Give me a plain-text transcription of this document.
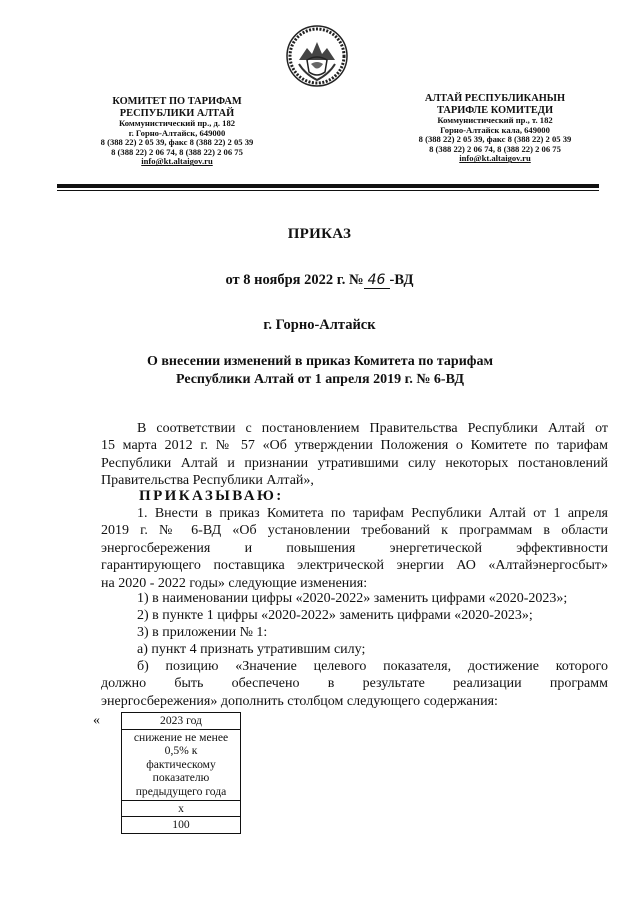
КОМИТЕТ ПО ТАРИФАМ
РЕСПУБЛИКИ АЛТАЙ
Коммунистический пр., д. 182
г. Горно-Алтайск, 649000
8 (388 22) 2 05 39, факс 8 (388 22) 2 05 39
8 (388 22) 2 06 74, 8 (388 22) 2 06 75
info@kt.altaigov.ru
АЛТАЙ РЕСПУБЛИКАНЫН
ТАРИФЛЕ КОМИТЕДИ
Коммунистический пр., т. 182
Горно-Алтайск кала, 649000
8 (388 22) 2 05 39, факс 8 (388 22) 2 05 39
8 (388 22) 2 06 74, 8 (388 22) 2 06 75
info@kt.altaigov.ru
ПРИКАЗ
от 8 ноября 2022 г. № 46 -ВД
г. Горно-Алтайск
О внесении изменений в приказ Комитета по тарифам
Республики Алтай от 1 апреля 2019 г. № 6-ВД
В соответствии с постановлением Правительства Республики Алтай от
15 марта 2012 г. № 57 «Об утверждении Положения о Комитете по тарифам
Республики Алтай и признании утратившими силу некоторых постановлений
Правительства Республики Алтай»,
ПРИКАЗЫВАЮ:
1. Внести в приказ Комитета по тарифам Республики Алтай от 1 апреля
2019 г. № 6-ВД «Об установлении требований к программам в области
энергосбережения и повышения энергетической эффективности
гарантирующего поставщика электрической энергии АО «Алтайэнергосбыт»
на 2020 - 2022 годы» следующие изменения:
1) в наименовании цифры «2020-2022» заменить цифрами «2020-2023»;
2) в пункте 1 цифры «2020-2022» заменить цифрами «2020-2023»;
3) в приложении № 1:
а) пункт 4 признать утратившим силу;
б) позицию «Значение целевого показателя, достижение которого
должно быть обеспечено в результате реализации программ
энергосбережения» дополнить столбцом следующего содержания:
«	2023 год

снижение не менее
0,5% к
фактическому
показателю
предыдущего года

х
100
